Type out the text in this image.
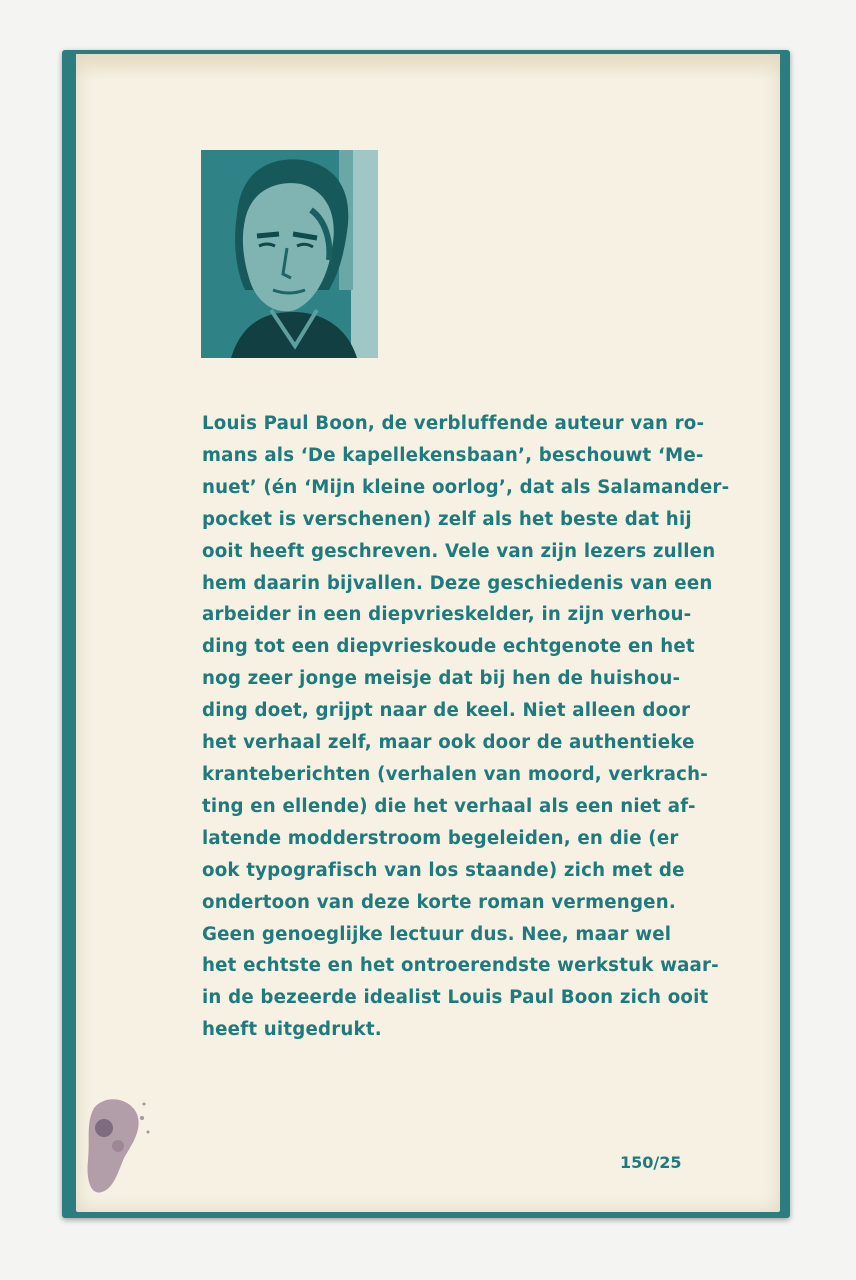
Louis Paul Boon, de verbluffende auteur van ro-
mans als ‘De kapellekensbaan’, beschouwt ‘Me-
nuet’ (én ‘Mijn kleine oorlog’, dat als Salamander-
pocket is verschenen) zelf als het beste dat hij
ooit heeft geschreven. Vele van zijn lezers zullen
hem daarin bijvallen. Deze geschiedenis van een
arbeider in een diepvrieskelder, in zijn verhou-
ding tot een diepvrieskoude echtgenote en het
nog zeer jonge meisje dat bij hen de huishou-
ding doet, grijpt naar de keel. Niet alleen door
het verhaal zelf, maar ook door de authentieke
kranteberichten (verhalen van moord, verkrach-
ting en ellende) die het verhaal als een niet af-
latende modderstroom begeleiden, en die (er
ook typografisch van los staande) zich met de
ondertoon van deze korte roman vermengen.
Geen genoeglijke lectuur dus. Nee, maar wel
het echtste en het ontroerendste werkstuk waar-
in de bezeerde idealist Louis Paul Boon zich ooit
heeft uitgedrukt.

150/25
